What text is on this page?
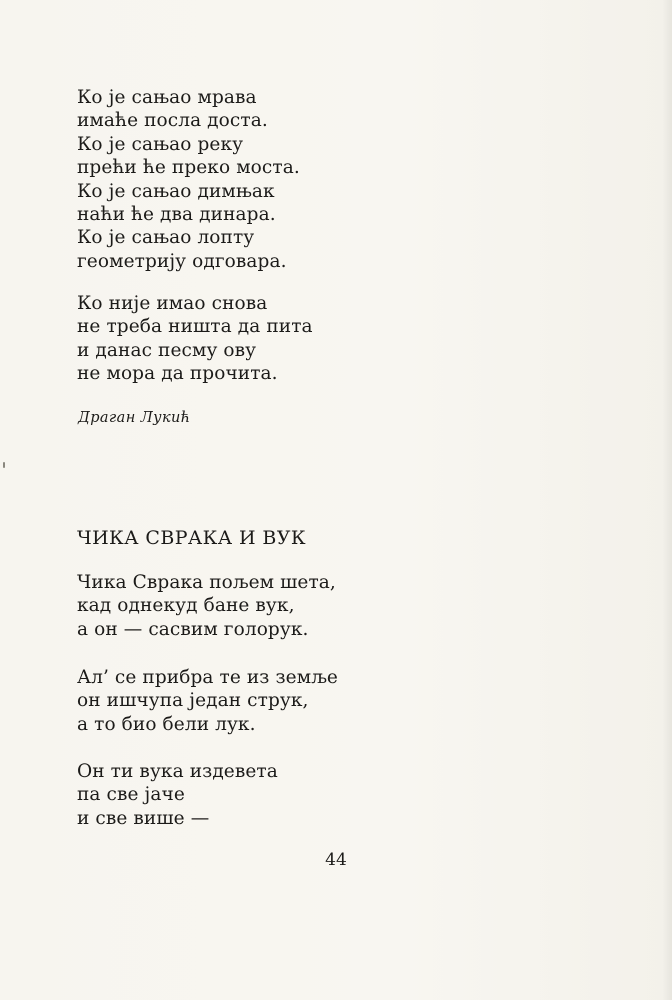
Ко је сањао мрава
имаће посла доста.
Ко је сањао реку
прећи ће преко моста.
Ко је сањао димњак
наћи ће два динара.
Ко је сањао лопту
геометрију одговара.
Ко није имао снова
не треба ништа да пита
и данас песму ову
не мора да прочита.

Драган Лукић

ЧИКА СВРАКА И ВУК
Чика Сврака пољем шета,
кад однекуд бане вук,
а он — сасвим голорук.
Ал’ се прибра те из земље
он ишчупа један струк,
а то био бели лук.
Он ти вука издевета
па све јаче
и све више —

44
